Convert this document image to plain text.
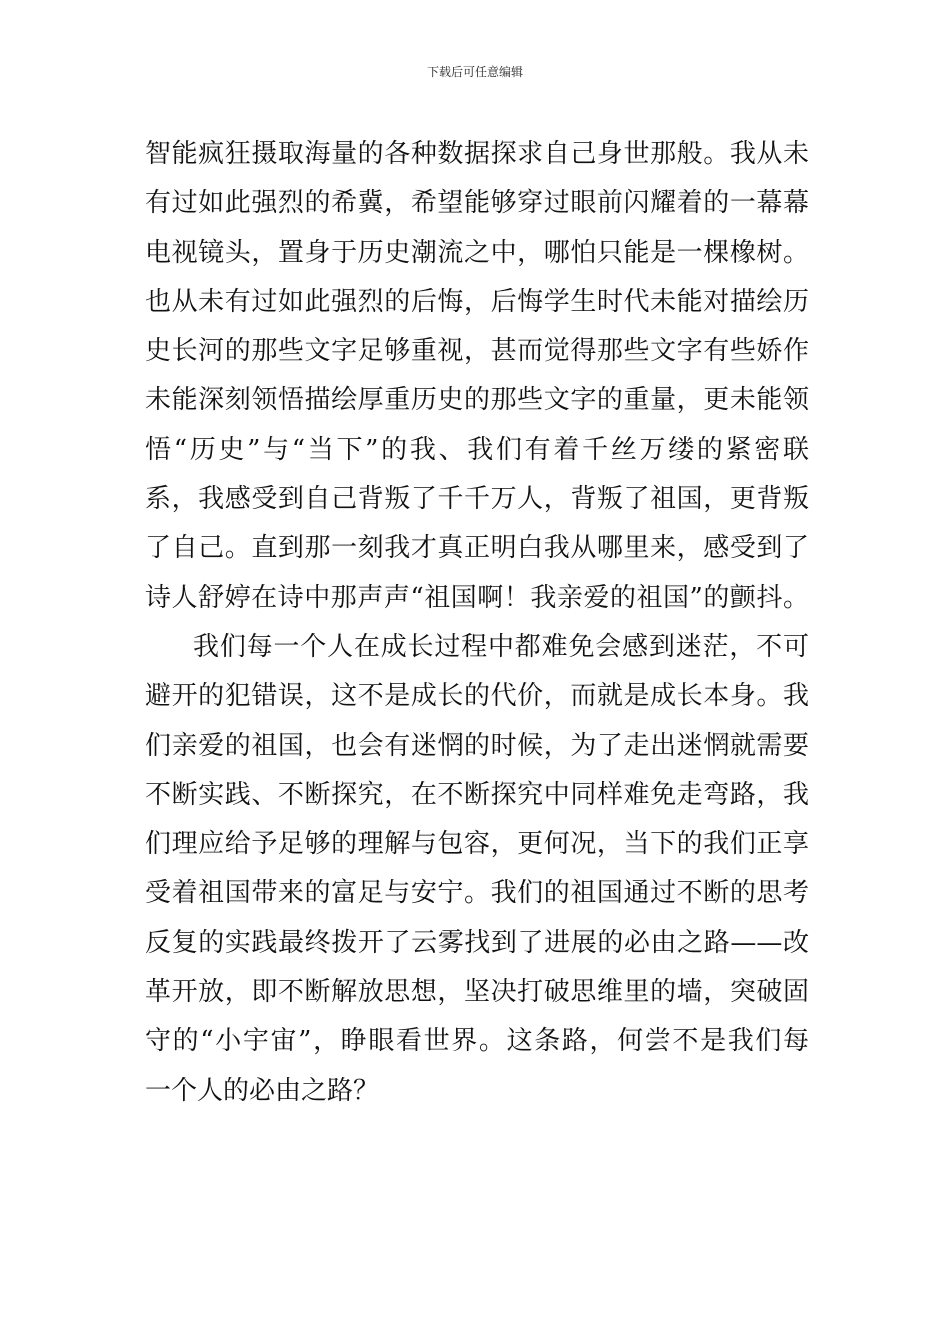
下载后可任意编辑
智能疯狂摄取海量的各种数据探求自己身世那般。我从未
有过如此强烈的希冀，希望能够穿过眼前闪耀着的一幕幕
电视镜头，置身于历史潮流之中，哪怕只能是一棵橡树。
也从未有过如此强烈的后悔，后悔学生时代未能对描绘历
史长河的那些文字足够重视，甚而觉得那些文字有些娇作
未能深刻领悟描绘厚重历史的那些文字的重量，更未能领
悟“历史”与“当下”的我、我们有着千丝万缕的紧密联
系，我感受到自己背叛了千千万人，背叛了祖国，更背叛
了自己。直到那一刻我才真正明白我从哪里来，感受到了
诗人舒婷在诗中那声声“祖国啊！我亲爱的祖国”的颤抖。
我们每一个人在成长过程中都难免会感到迷茫，不可
避开的犯错误，这不是成长的代价，而就是成长本身。我
们亲爱的祖国，也会有迷惘的时候，为了走出迷惘就需要
不断实践、不断探究，在不断探究中同样难免走弯路，我
们理应给予足够的理解与包容，更何况，当下的我们正享
受着祖国带来的富足与安宁。我们的祖国通过不断的思考
反复的实践最终拨开了云雾找到了进展的必由之路——改
革开放，即不断解放思想，坚决打破思维里的墙，突破固
守的“小宇宙”，睁眼看世界。这条路，何尝不是我们每
一个人的必由之路？
